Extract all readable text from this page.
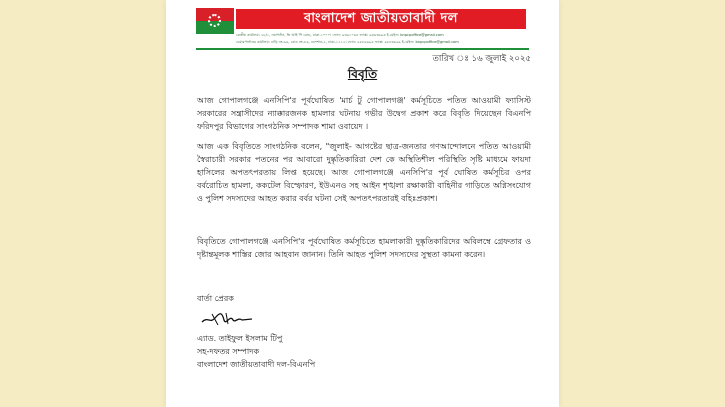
বাংলাদেশ জাতীয়তাবাদী দল
কেন্দ্রীয় কার্যালয়: ২৮/১, নয়াপল্টন, ভি আই পি রোড, ঢাকা-১০০০। ফোন: ৯৩৬১০৬৪ ফ্যাক্স: ৯৩৬৩৬৯৩ ই-মেইল: bnpcpoffice@gmail.com
চেয়ারপার্সনের কার্যালয়: বাড়ি নং-৬৬, রোড নং-৮৬, গুলশান-২, ঢাকা-১২১২। ফোন: ৯৮৮৯৬৯৬ ফ্যাক্স: ৯৮৮৩৬৬৯ ই-মেইল: bnpcpoffice@gmail.com
তারিখ ঃ ১৬ জুলাই ২০২৫
বিবৃতি

আজ গোপালগঞ্জে এনসিপি'র পূর্বঘোষিত 'মার্চ টু গোপালগঞ্জ' কর্মসূচিতে পতিত আওয়ামী ফ্যাসিস্ট সরকারের সন্ত্রাসীদের ন্যাক্কারজনক হামলার ঘটনায় গভীর উদ্বেগ প্রকাশ করে বিবৃতি দিয়েছেন বিএনপি ফরিদপুর বিভাগের সাংগঠনিক সম্পাদক শামা ওবায়েদ ।

আজ এক বিবৃতিতে সাংগঠনিক বলেন, "জুলাই- আগষ্টের ছাত্র-জনতার গণআন্দোলনে পতিত আওয়ামী স্বৈরাচারী সরকার পতনের পর আবারো দুষ্কৃতিকারিরা দেশ কে অস্থিতিশীল পরিস্থিতি সৃষ্টি মাধ্যমে ফায়দা হাসিলের অপতৎপরতায় লিপ্ত হয়েছে। আজ গোপালগঞ্জে এনসিপি'র পূর্ব ঘোষিত কর্মসূচির ওপর বর্বরোচিত হামলা, ককটেল বিস্ফোরণ, ইউএনও সহ আইন শৃঙ্খলা রক্ষাকারী বাহিনীর গাড়িতে অগ্নিসংযোগ ও পুলিশ সদস্যদের আহত করার বর্বর ঘটনা সেই অপতৎপরতারই বহিঃপ্রকাশ।

বিবৃতিতে গোপালগঞ্জে এনসিপি'র পূর্বঘোষিত কর্মসূচিতে হামলাকারী দুষ্কৃতিকারিদের অবিলম্বে গ্রেফতার ও দৃষ্টান্তমূলক শাস্তির জোর আহবান জানান। তিনি আহত পুলিশ সদস্যদের সুস্থতা কামনা করেন।

বার্তা প্রেরক
এ্যাড. তাইফুল ইসলাম টিপু
সহ-দফতর সম্পাদক
বাংলাদেশ জাতীয়তাবাদী দল-বিএনপি
